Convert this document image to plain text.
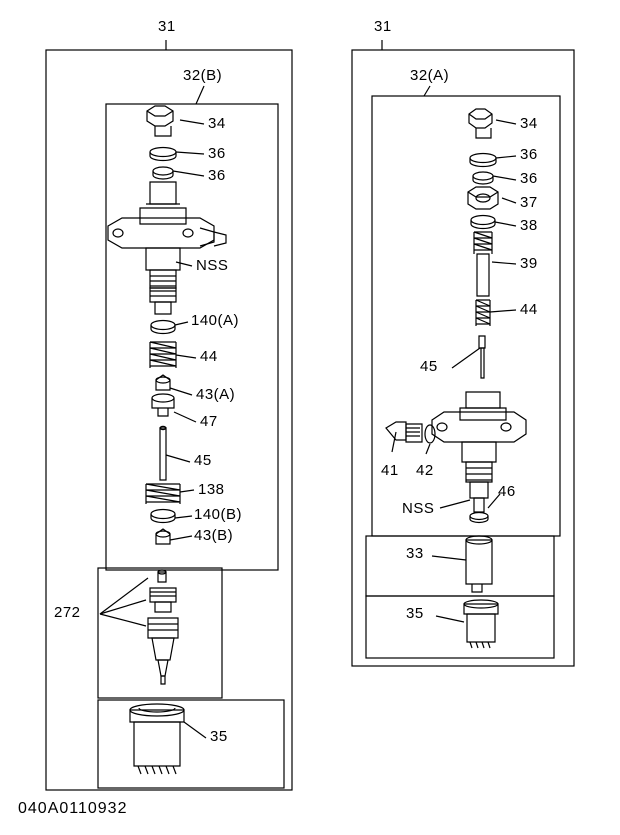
31	31
32(B)	32(A)
34
36
36
NSS
140(A)
44
43(A)
47
45
138
140(B)
43(B)
272
35
34
36
36
37
38
39
44
45
41 42
NSS
46
33
35
040A0110932
